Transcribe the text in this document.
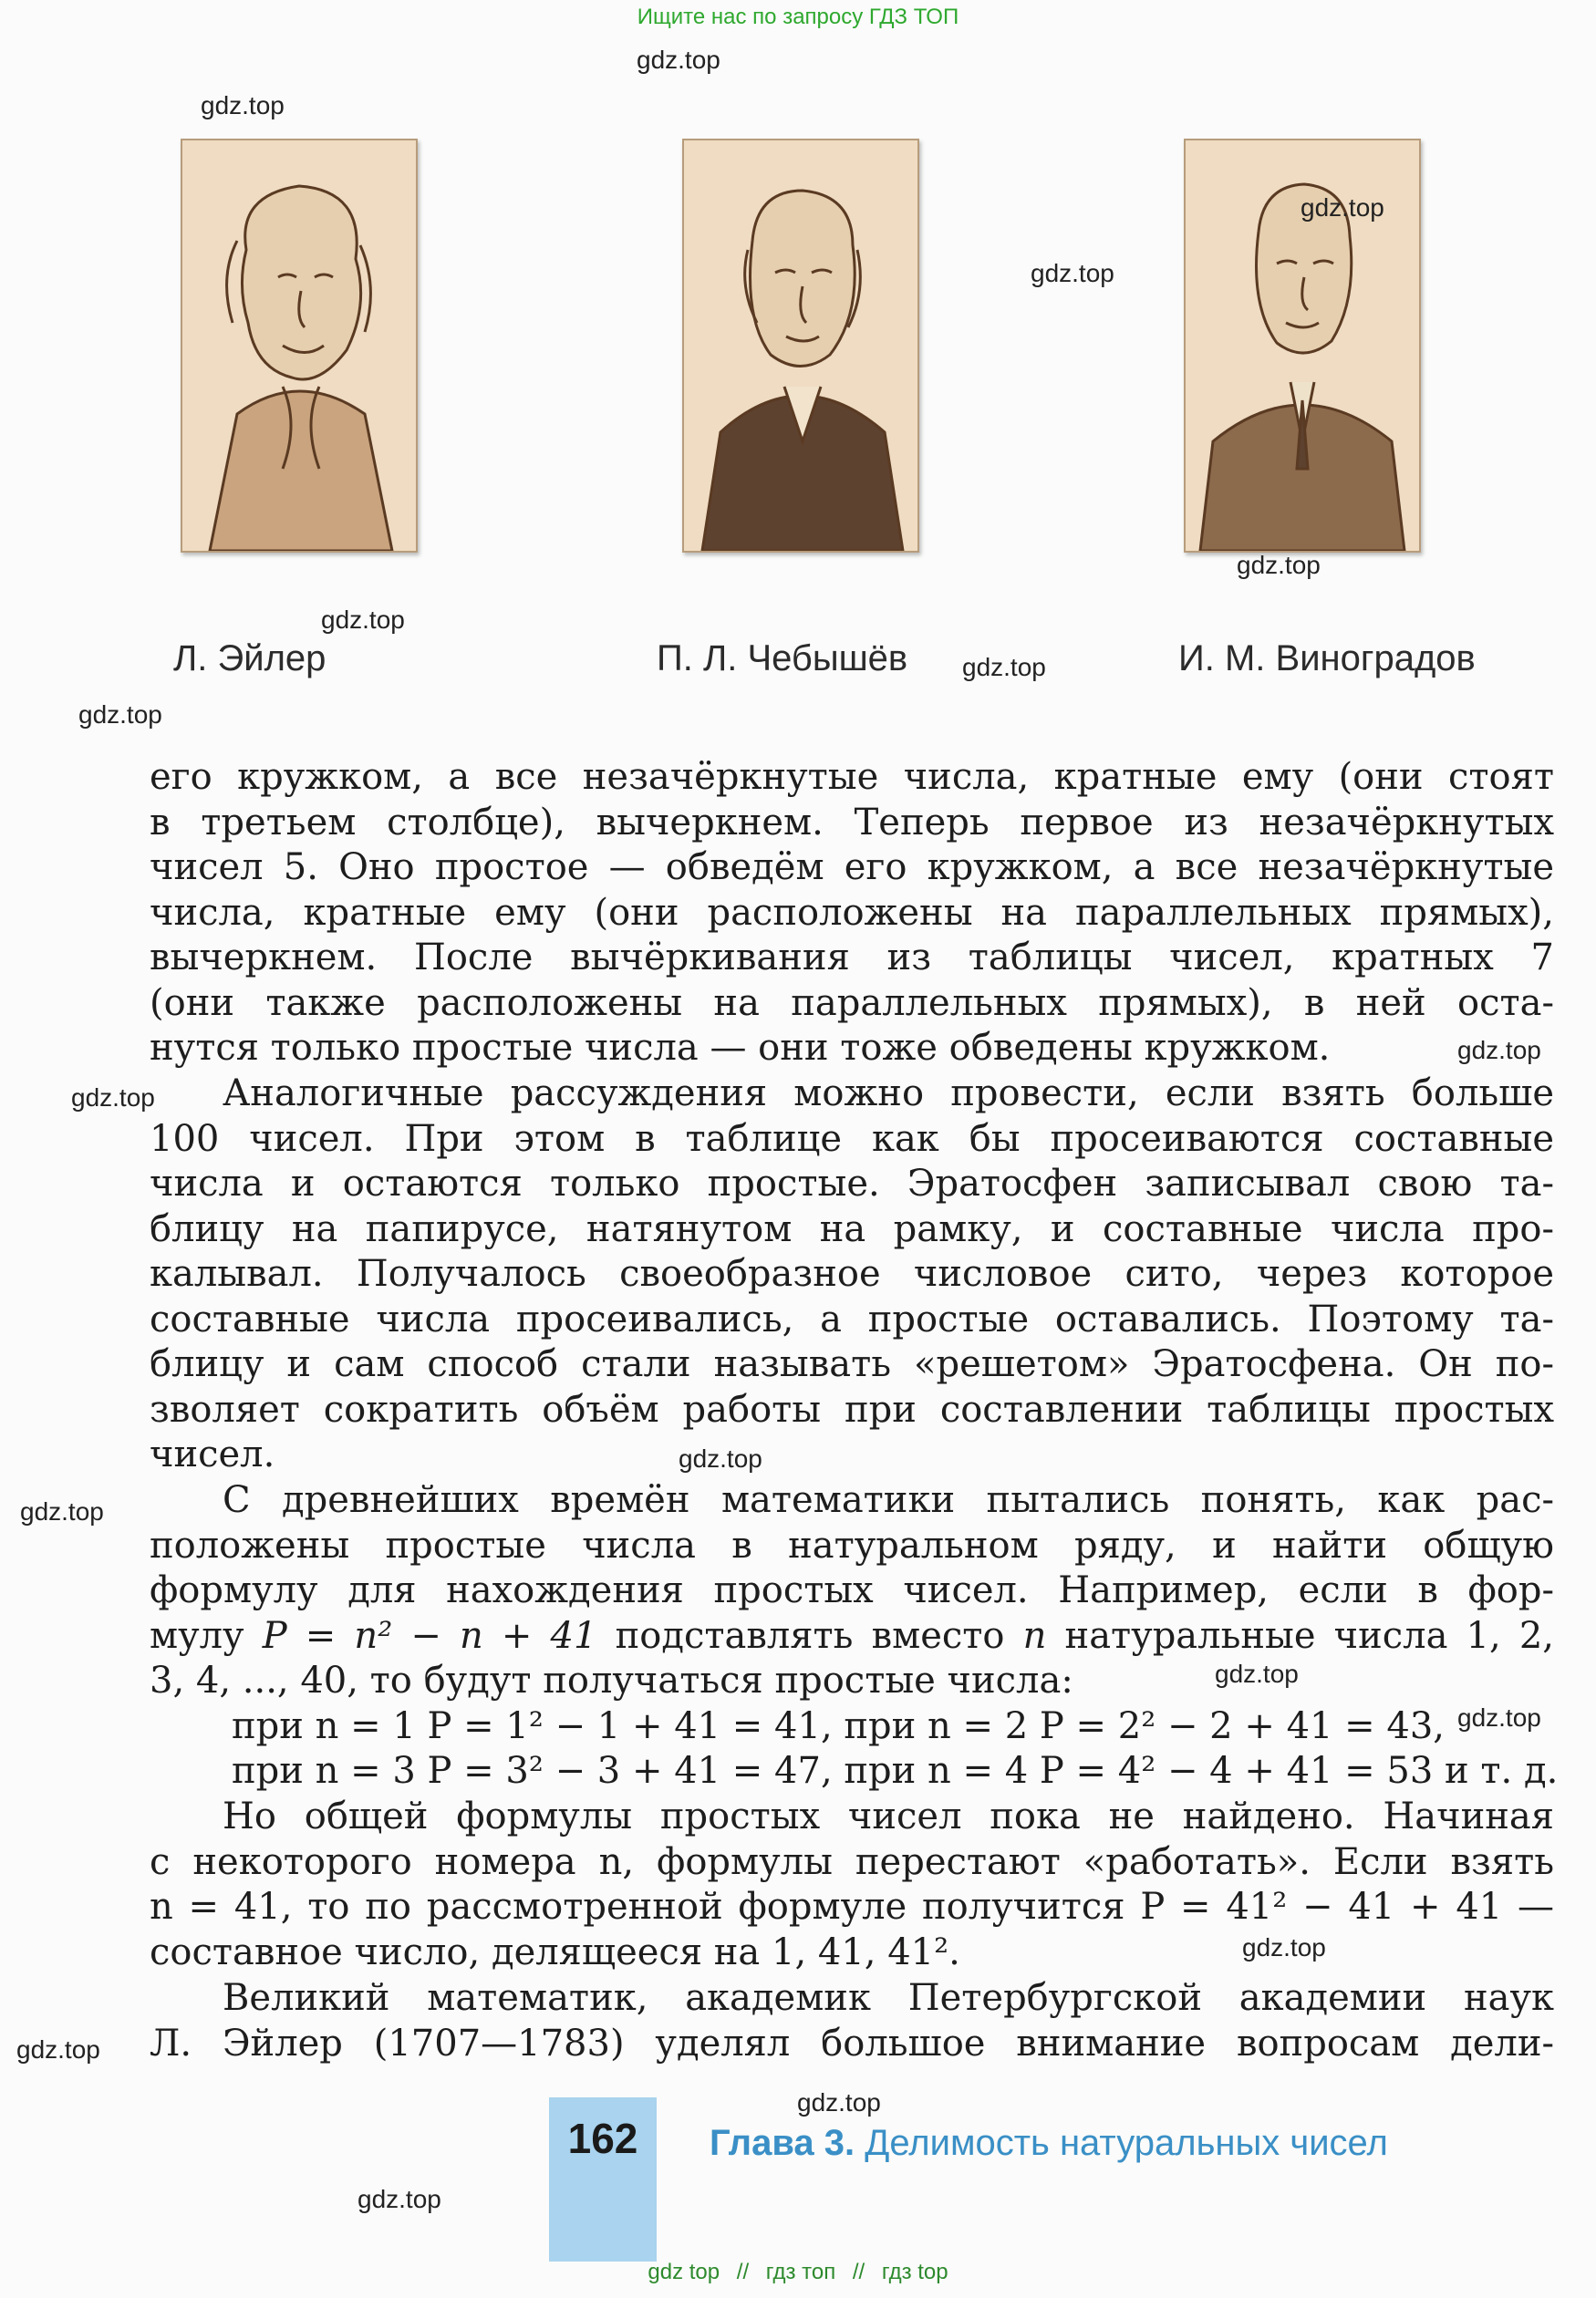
Ищите нас по запросу ГДЗ ТОП
Л. Эйлер	П. Л. Чебышёв	И. М. Виноградов
gdz.top
gdz.top
gdz.top
gdz.top
gdz.top
gdz.top
gdz.top
gdz.top
gdz.top
gdz.top
gdz.top
gdz.top
gdz.top
gdz.top
gdz.top
gdz.top
gdz.top
gdz.top
его кружком, а все незачёркнутые числа, кратные ему (они стоят
в третьем столбце), вычеркнем. Теперь первое из незачёркнутых
чисел 5. Оно простое — обведём его кружком, а все незачёркнутые
числа, кратные ему (они расположены на параллельных прямых),
вычеркнем. После вычёркивания из таблицы чисел, кратных 7
(они также расположены на параллельных прямых), в ней оста-
нутся только простые числа — они тоже обведены кружком.
Аналогичные рассуждения можно провести, если взять больше
100 чисел. При этом в таблице как бы просеиваются составные
числа и остаются только простые. Эратосфен записывал свою та-
блицу на папирусе, натянутом на рамку, и составные числа про-
калывал. Получалось своеобразное числовое сито, через которое
составные числа просеивались, а простые оставались. Поэтому та-
блицу и сам способ стали называть «решетом» Эратосфена. Он по-
зволяет сократить объём работы при составлении таблицы простых
чисел.
С древнейших времён математики пытались понять, как рас-
положены простые числа в натуральном ряду, и найти общую
формулу для нахождения простых чисел. Например, если в фор-
мулу P = n² − n + 41 подставлять вместо n натуральные числа 1, 2,
3, 4, ..., 40, то будут получаться простые числа:
при n = 1 P = 1² − 1 + 41 = 41, при n = 2 P = 2² − 2 + 41 = 43,
при n = 3 P = 3² − 3 + 41 = 47, при n = 4 P = 4² − 4 + 41 = 53 и т. д.
Но общей формулы простых чисел пока не найдено. Начиная
с некоторого номера n, формулы перестают «работать». Если взять
n = 41, то по рассмотренной формуле получится P = 41² − 41 + 41 —
составное число, делящееся на 1, 41, 41².
Великий математик, академик Петербургской академии наук
Л. Эйлер (1707—1783) уделял большое внимание вопросам дели-
162	Глава 3. Делимость натуральных чисел
gdz top // гдз топ // гдз top
